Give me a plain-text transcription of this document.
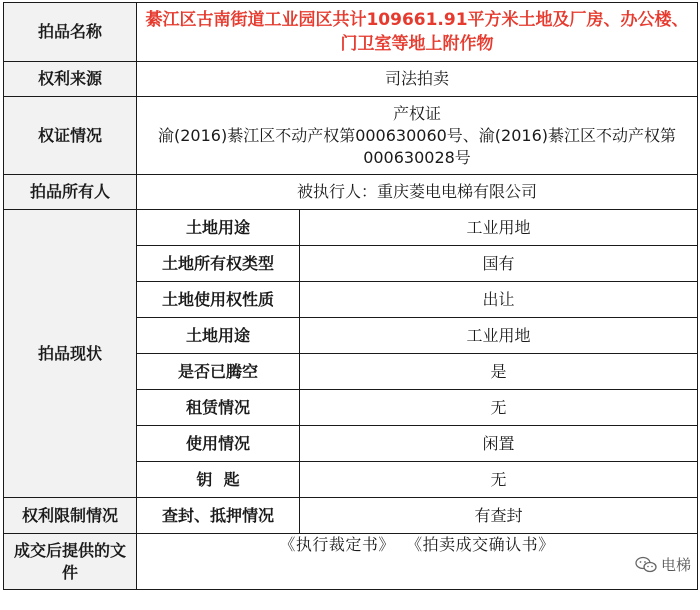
拍品名称	綦江区古南街道工业园区共计109661.91平方米土地及厂房、办公楼、门卫室等地上附作物	
权利来源	司法拍卖	
权证情况	产权证
渝(2016)綦江区不动产权第000630060号、渝(2016)綦江区不动产权第000630028号	

拍品所有人	被执行人：重庆菱电电梯有限公司	
拍品现状	土地用途	工业用地
	土地所有权类型	国有
	土地使用权性质	出让
	土地用途	工业用地
	是否已腾空	是
	租赁情况	无
	使用情况	闲置
	钥  匙	无
权利限制情况	查封、抵押情况	有查封
成交后提供的文件	《执行裁定书》  《拍卖成交确认书》
电梯	
